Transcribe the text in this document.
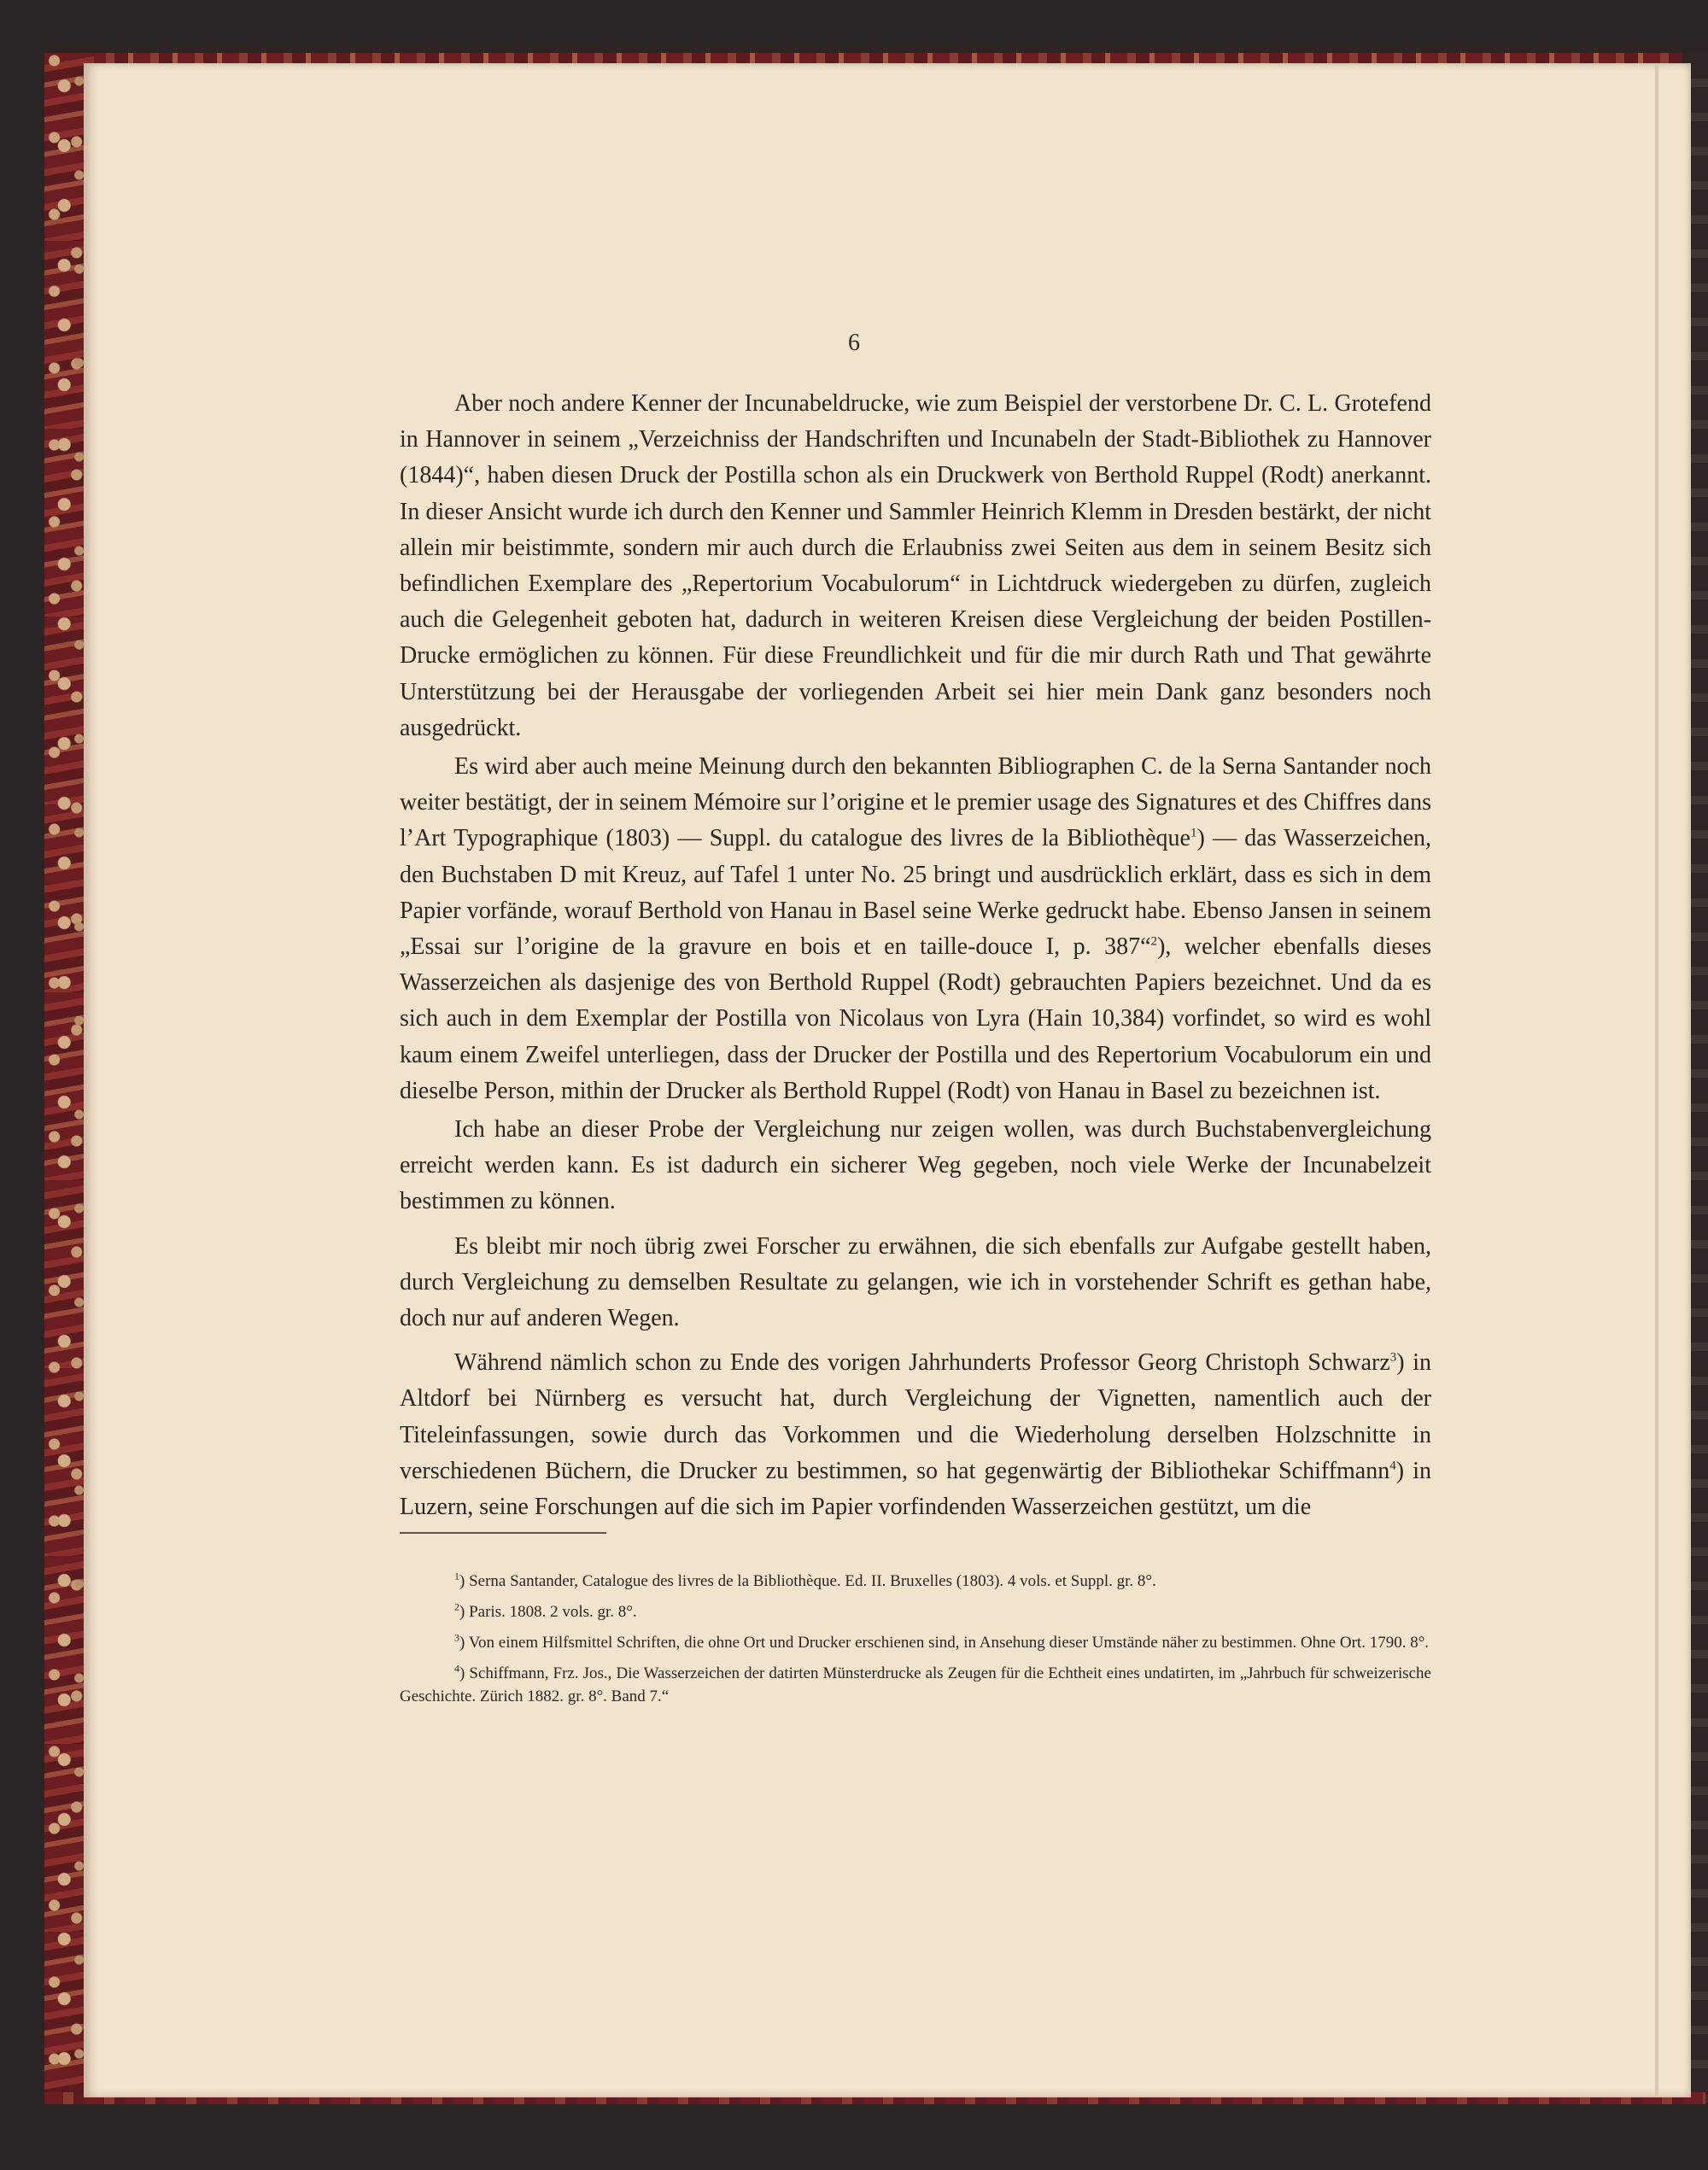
6

Aber noch andere Kenner der Incunabeldrucke, wie zum Beispiel der verstorbene Dr. C. L. Grotefend in Hannover in seinem „Verzeichniss der Handschriften und Incunabeln der Stadt-Bibliothek zu Hannover (1844)“, haben diesen Druck der Postilla schon als ein Druckwerk von Berthold Ruppel (Rodt) anerkannt. In dieser Ansicht wurde ich durch den Kenner und Sammler Heinrich Klemm in Dresden bestärkt, der nicht allein mir beistimmte, sondern mir auch durch die Erlaubniss zwei Seiten aus dem in seinem Besitz sich befindlichen Exemplare des „Repertorium Vocabulorum“ in Lichtdruck wiedergeben zu dürfen, zugleich auch die Gelegenheit geboten hat, dadurch in weiteren Kreisen diese Vergleichung der beiden Postillen-Drucke ermöglichen zu können. Für diese Freundlichkeit und für die mir durch Rath und That gewährte Unterstützung bei der Herausgabe der vorliegenden Arbeit sei hier mein Dank ganz besonders noch ausgedrückt.

Es wird aber auch meine Meinung durch den bekannten Bibliographen C. de la Serna Santander noch weiter bestätigt, der in seinem Mémoire sur l’origine et le premier usage des Signatures et des Chiffres dans l’Art Typographique (1803) — Suppl. du catalogue des livres de la Bibliothèque$^1$) — das Wasserzeichen, den Buchstaben D mit Kreuz, auf Tafel 1 unter No. 25 bringt und ausdrücklich erklärt, dass es sich in dem Papier vorfände, worauf Berthold von Hanau in Basel seine Werke gedruckt habe. Ebenso Jansen in seinem „Essai sur l’origine de la gravure en bois et en taille-douce I, p. 387“$^2$), welcher ebenfalls dieses Wasserzeichen als dasjenige des von Berthold Ruppel (Rodt) gebrauchten Papiers bezeichnet. Und da es sich auch in dem Exemplar der Postilla von Nicolaus von Lyra (Hain 10,384) vorfindet, so wird es wohl kaum einem Zweifel unterliegen, dass der Drucker der Postilla und des Repertorium Vocabulorum ein und dieselbe Person, mithin der Drucker als Berthold Ruppel (Rodt) von Hanau in Basel zu bezeichnen ist.

Ich habe an dieser Probe der Vergleichung nur zeigen wollen, was durch Buchstabenvergleichung erreicht werden kann. Es ist dadurch ein sicherer Weg gegeben, noch viele Werke der Incunabelzeit bestimmen zu können.

Es bleibt mir noch übrig zwei Forscher zu erwähnen, die sich ebenfalls zur Aufgabe gestellt haben, durch Vergleichung zu demselben Resultate zu gelangen, wie ich in vorstehender Schrift es gethan habe, doch nur auf anderen Wegen.

Während nämlich schon zu Ende des vorigen Jahrhunderts Professor Georg Christoph Schwarz$^3$) in Altdorf bei Nürnberg es versucht hat, durch Vergleichung der Vignetten, namentlich auch der Titeleinfassungen, sowie durch das Vorkommen und die Wiederholung derselben Holzschnitte in verschiedenen Büchern, die Drucker zu bestimmen, so hat gegenwärtig der Bibliothekar Schiffmann$^4$) in Luzern, seine Forschungen auf die sich im Papier vorfindenden Wasserzeichen gestützt, um die

$^1$) Serna Santander, Catalogue des livres de la Bibliothèque. Ed. II. Bruxelles (1803). 4 vols. et Suppl. gr. 8°.

$^2$) Paris. 1808. 2 vols. gr. 8°.

$^3$) Von einem Hilfsmittel Schriften, die ohne Ort und Drucker erschienen sind, in Ansehung dieser Umstände näher zu bestimmen. Ohne Ort. 1790. 8°.

$^4$) Schiffmann, Frz. Jos., Die Wasserzeichen der datirten Münsterdrucke als Zeugen für die Echtheit eines undatirten, im „Jahrbuch für schweizerische Geschichte. Zürich 1882. gr. 8°. Band 7.“
